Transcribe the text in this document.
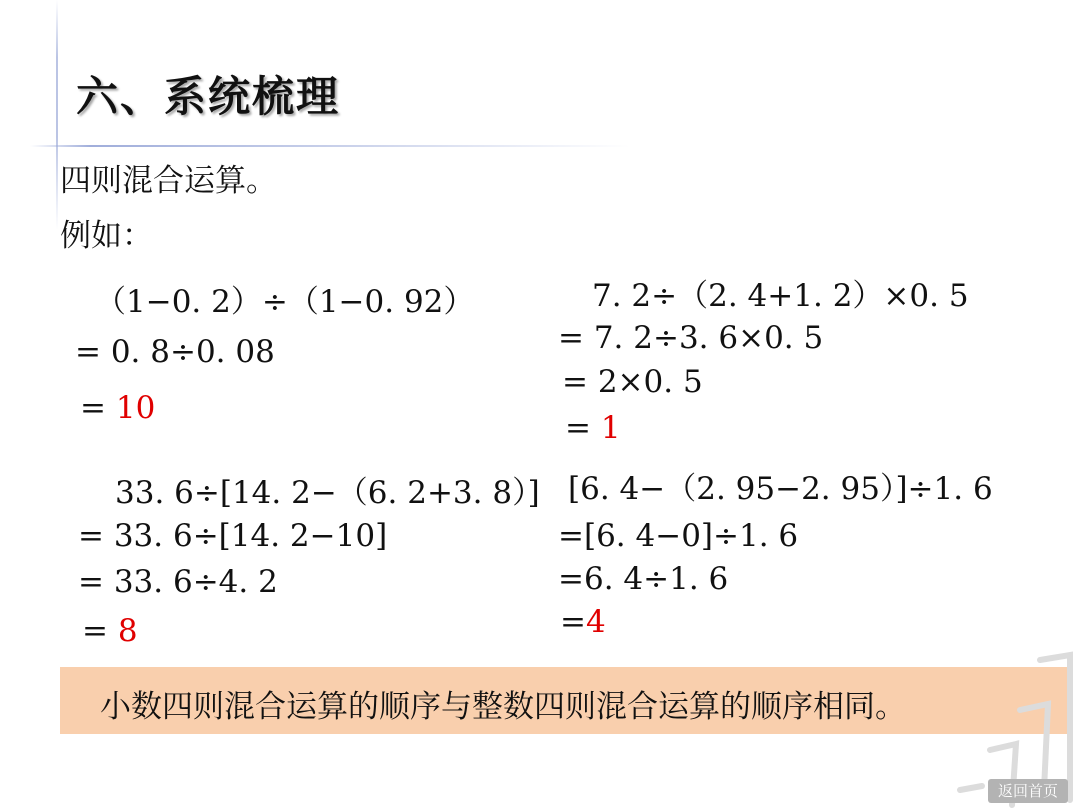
六、系统梳理
四则混合运算。
例如：
（1−0. 2）÷（1−0. 92）
= 0. 8÷0. 08
= 10
7. 2÷（2. 4+1. 2）×0. 5
= 7. 2÷3. 6×0. 5
= 2×0. 5
= 1
33. 6÷[14. 2−（6. 2+3. 8）]
= 33. 6÷[14. 2−10]
= 33. 6÷4. 2
= 8
[6. 4−（2. 95−2. 95）]÷1. 6
=[6. 4−0]÷1. 6
=6. 4÷1. 6
=4
小数四则混合运算的顺序与整数四则混合运算的顺序相同。
返回首页
